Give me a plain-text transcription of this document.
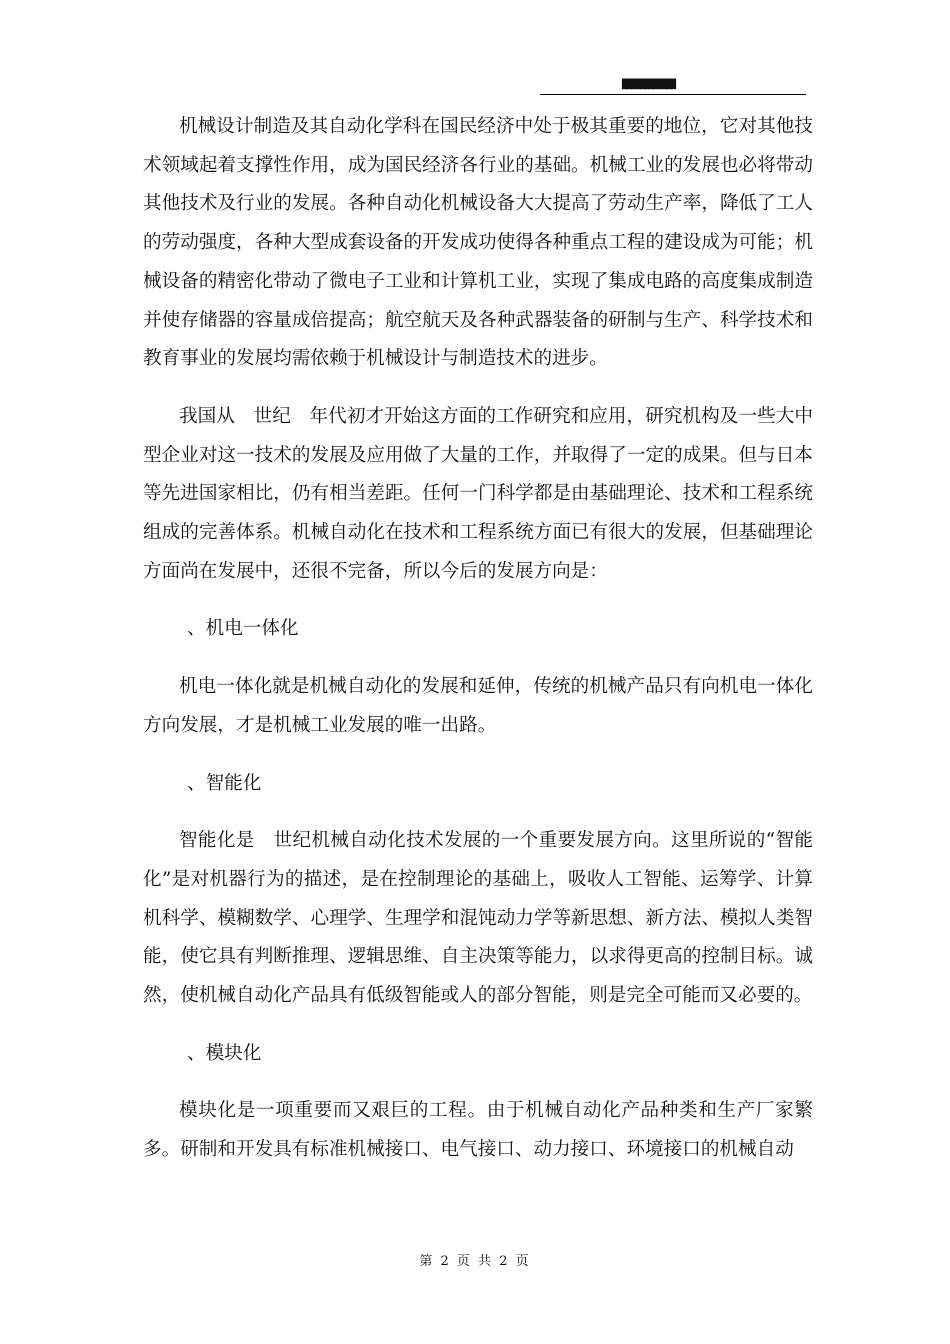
████████████

机械设计制造及其自动化学科在国民经济中处于极其重要的地位，它对其他技术领域起着支撑性作用，成为国民经济各行业的基础。机械工业的发展也必将带动其他技术及行业的发展。各种自动化机械设备大大提高了劳动生产率，降低了工人的劳动强度，各种大型成套设备的开发成功使得各种重点工程的建设成为可能；机械设备的精密化带动了微电子工业和计算机工业，实现了集成电路的高度集成制造并使存储器的容量成倍提高；航空航天及各种武器装备的研制与生产、科学技术和教育事业的发展均需依赖于机械设计与制造技术的进步。

我国从　世纪　年代初才开始这方面的工作研究和应用，研究机构及一些大中型企业对这一技术的发展及应用做了大量的工作，并取得了一定的成果。但与日本等先进国家相比，仍有相当差距。任何一门科学都是由基础理论、技术和工程系统组成的完善体系。机械自动化在技术和工程系统方面已有很大的发展，但基础理论方面尚在发展中，还很不完备，所以今后的发展方向是：

、机电一体化

机电一体化就是机械自动化的发展和延伸，传统的机械产品只有向机电一体化方向发展，才是机械工业发展的唯一出路。

、智能化

智能化是　世纪机械自动化技术发展的一个重要发展方向。这里所说的“智能化”是对机器行为的描述，是在控制理论的基础上，吸收人工智能、运筹学、计算机科学、模糊数学、心理学、生理学和混饨动力学等新思想、新方法、模拟人类智能，使它具有判断推理、逻辑思维、自主决策等能力，以求得更高的控制目标。诚然，使机械自动化产品具有低级智能或人的部分智能，则是完全可能而又必要的。

、模块化

模块化是一项重要而又艰巨的工程。由于机械自动化产品种类和生产厂家繁多。研制和开发具有标准机械接口、电气接口、动力接口、环境接口的机械自动

第 2 页 共 2 页
